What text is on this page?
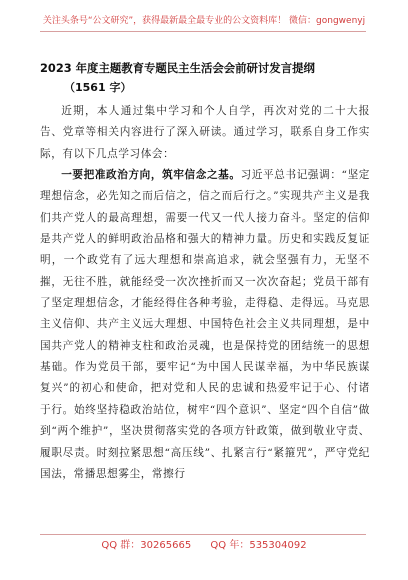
关注头条号“公文研究”，获得最新最全最专业的公文资料库！ 微信：gongwenyj
2023 年度主题教育专题民主生活会会前研讨发言提纲
（1561 字）

近期，本人通过集中学习和个人自学，再次对党的二十大报告、党章等相关内容进行了深入研读。通过学习，联系自身工作实际，有以下几点学习体会：

一要把准政治方向，筑牢信念之基。习近平总书记强调：“坚定理想信念，必先知之而后信之，信之而后行之。”实现共产主义是我们共产党人的最高理想，需要一代又一代人接力奋斗。坚定的信仰是共产党人的鲜明政治品格和强大的精神力量。历史和实践反复证明，一个政党有了远大理想和崇高追求，就会坚强有力，无坚不摧，无往不胜，就能经受一次次挫折而又一次次奋起；党员干部有了坚定理想信念，才能经得住各种考验，走得稳、走得远。马克思主义信仰、共产主义远大理想、中国特色社会主义共同理想，是中国共产党人的精神支柱和政治灵魂，也是保持党的团结统一的思想基础。作为党员干部，要牢记“为中国人民谋幸福，为中华民族谋复兴”的初心和使命，把对党和人民的忠诚和热爱牢记于心、付诸于行。始终坚持稳政治站位，树牢“四个意识”、坚定“四个自信”做到“两个维护”，坚决贯彻落实党的各项方针政策，做到敬业守责、履职尽责。时刻拉紧思想“高压线”、扎紧言行“紧箍咒”，严守党纪国法，常播思想雾尘，常擦行

QQ 群：30265665 QQ 年：535304092
